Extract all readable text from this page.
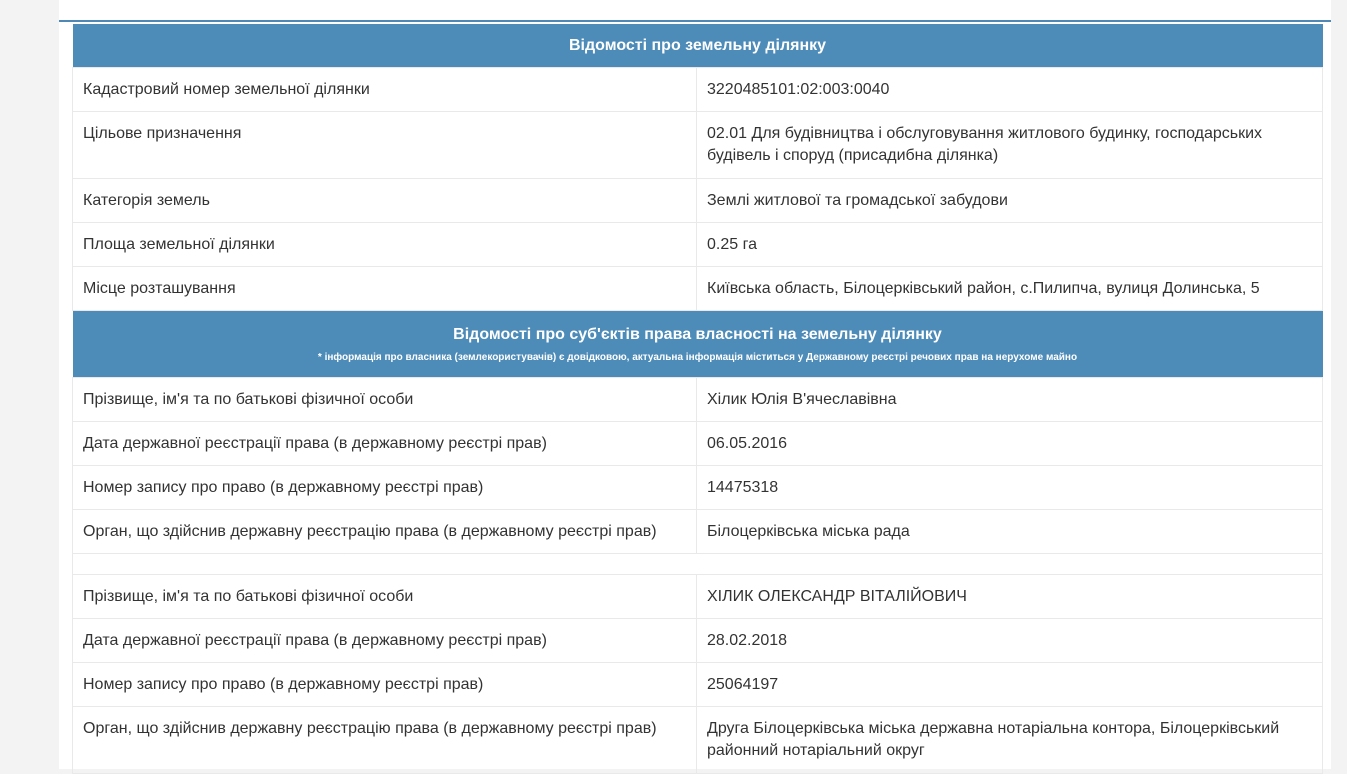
Відомості про земельну ділянку	
Кадастровий номер земельної ділянки	3220485101:02:003:0040
Цільове призначення	02.01 Для будівництва і обслуговування житлового будинку, господарських будівель і споруд (присадибна ділянка)
Категорія земель	Землі житлової та громадської забудови
Площа земельної ділянки	0.25 га
Місце розташування	Київська область, Білоцерківський район, с.Пилипча, вулиця Долинська, 5

Відомості про суб'єктів права власності на земельну ділянку
* інформація про власника (землекористувачів) є довідковою, актуальна інформація міститься у Державному реєстрі речових прав на нерухоме майно	

Прізвище, ім'я та по батькові фізичної особи	Хілик Юлія В'ячеславівна
Дата державної реєстрації права (в державному реєстрі прав)	06.05.2016
Номер запису про право (в державному реєстрі прав)	14475318
Орган, що здійснив державну реєстрацію права (в державному реєстрі прав)	Білоцерківська міська рада

Прізвище, ім'я та по батькові фізичної особи	ХІЛИК ОЛЕКСАНДР ВІТАЛІЙОВИЧ
Дата державної реєстрації права (в державному реєстрі прав)	28.02.2018
Номер запису про право (в державному реєстрі прав)	25064197
Орган, що здійснив державну реєстрацію права (в державному реєстрі прав)	Друга Білоцерківська міська державна нотаріальна контора, Білоцерківський районний нотаріальний округ
